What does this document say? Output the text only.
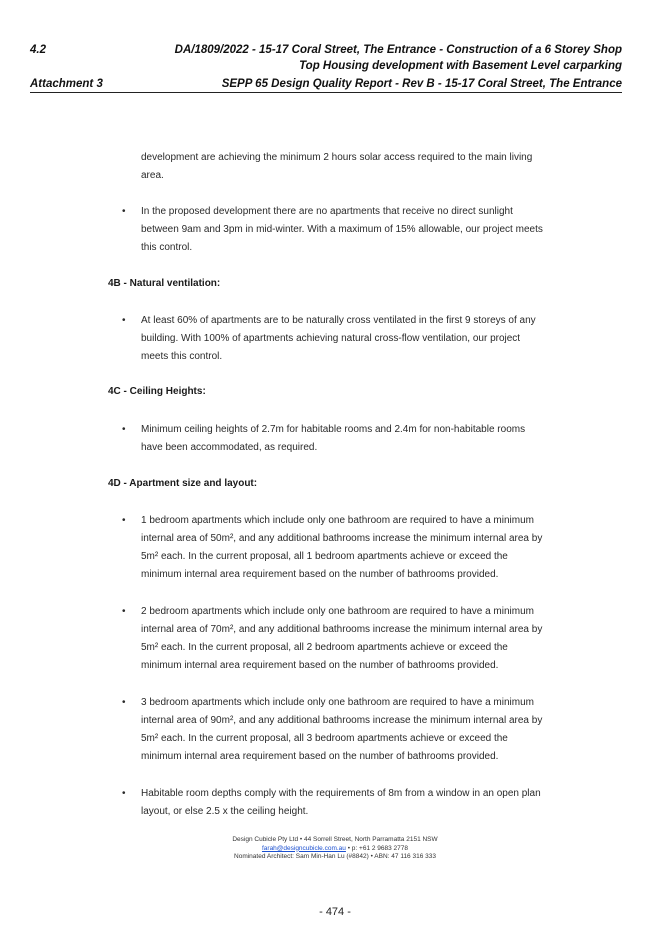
4.2	DA/1809/2022 - 15-17 Coral Street, The Entrance - Construction of a 6 Storey Shop
Top Housing development with Basement Level carparking
Attachment 3	SEPP 65 Design Quality Report - Rev B - 15-17 Coral Street, The Entrance
development are achieving the minimum 2 hours solar access required to the main living
area.
• In the proposed development there are no apartments that receive no direct sunlight
between 9am and 3pm in mid-winter. With a maximum of 15% allowable, our project meets
this control.
4B - Natural ventilation:
• At least 60% of apartments are to be naturally cross ventilated in the first 9 storeys of any
building. With 100% of apartments achieving natural cross-flow ventilation, our project
meets this control.
4C - Ceiling Heights:
• Minimum ceiling heights of 2.7m for habitable rooms and 2.4m for non-habitable rooms
have been accommodated, as required.
4D - Apartment size and layout:
• 1 bedroom apartments which include only one bathroom are required to have a minimum
internal area of 50m², and any additional bathrooms increase the minimum internal area by
5m² each. In the current proposal, all 1 bedroom apartments achieve or exceed the
minimum internal area requirement based on the number of bathrooms provided.
• 2 bedroom apartments which include only one bathroom are required to have a minimum
internal area of 70m², and any additional bathrooms increase the minimum internal area by
5m² each. In the current proposal, all 2 bedroom apartments achieve or exceed the
minimum internal area requirement based on the number of bathrooms provided.
• 3 bedroom apartments which include only one bathroom are required to have a minimum
internal area of 90m², and any additional bathrooms increase the minimum internal area by
5m² each. In the current proposal, all 3 bedroom apartments achieve or exceed the
minimum internal area requirement based on the number of bathrooms provided.
• Habitable room depths comply with the requirements of 8m from a window in an open plan
layout, or else 2.5 x the ceiling height.
Design Cubicle Pty Ltd • 44 Sorrell Street, North Parramatta 2151 NSW
farah@designcubicle.com.au • p: +61 2 9683 2778
Nominated Architect: Sam Min-Han Lu (#8842) • ABN: 47 116 316 333
- 474 -
